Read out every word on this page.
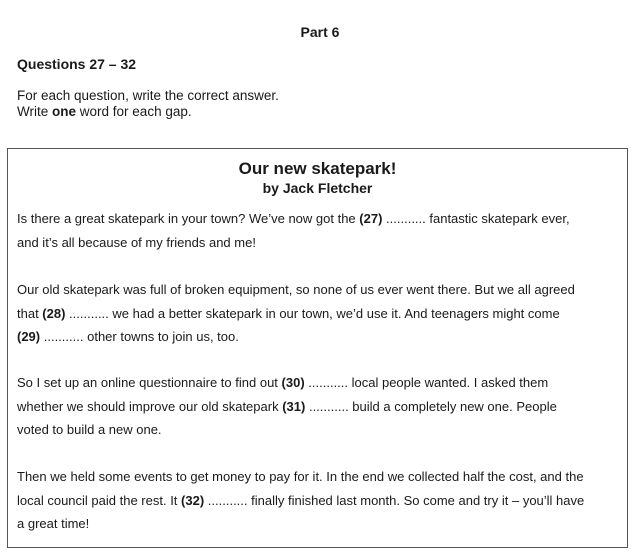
Part 6
Questions 27 – 32
For each question, write the correct answer.
Write one word for each gap.
Our new skatepark!
by Jack Fletcher
Is there a great skatepark in your town? We’ve now got the (27) ........... fantastic skatepark ever,
and it’s all because of my friends and me!
Our old skatepark was full of broken equipment, so none of us ever went there. But we all agreed
that (28) ........... we had a better skatepark in our town, we’d use it. And teenagers might come
(29) ........... other towns to join us, too.
So I set up an online questionnaire to find out (30) ........... local people wanted. I asked them
whether we should improve our old skatepark (31) ........... build a completely new one. People
voted to build a new one.
Then we held some events to get money to pay for it. In the end we collected half the cost, and the
local council paid the rest. It (32) ........... finally finished last month. So come and try it – you’ll have
a great time!
